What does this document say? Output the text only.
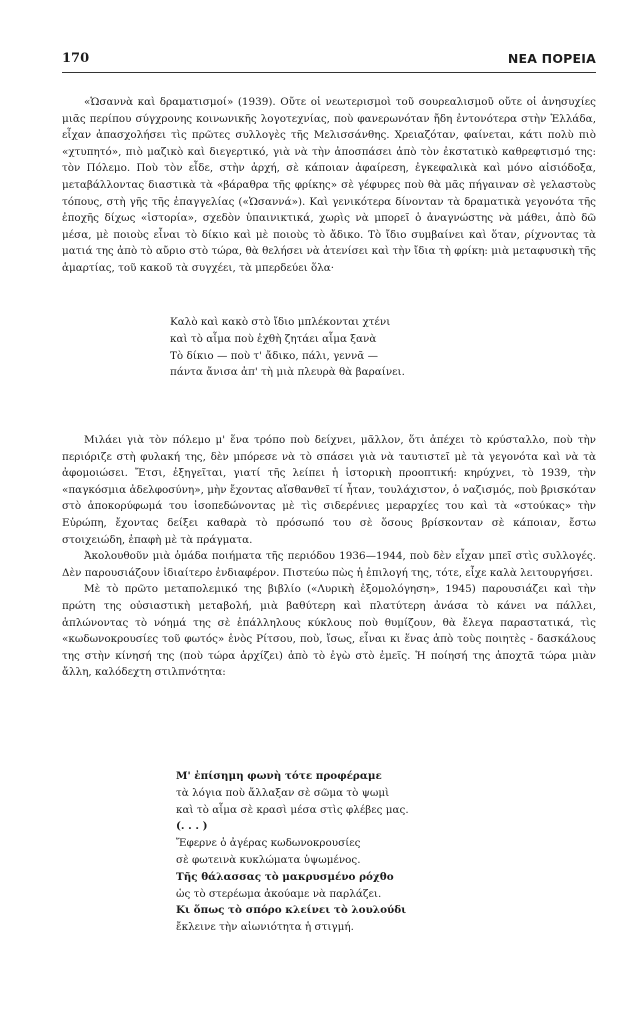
170	ΝΕΑ ΠΟΡΕΙΑ

«Ὡσαννὰ καὶ δραματισμοί» (1939). Οὔτε οἱ νεωτερισμοὶ τοῦ σουρεαλισμοῦ οὔτε οἱ ἀνησυχίες μιᾶς περίπου σύγχρονης κοινωνικῆς λογοτεχνίας, ποὺ φανερωνόταν ἤδη ἐντονότερα στὴν Ἑλλάδα, εἶχαν ἀπασχολήσει τὶς πρῶτες συλλογὲς τῆς Μελισσάνθης. Χρειαζόταν, φαίνεται, κάτι πολὺ πιὸ «χτυπητό», πιὸ μαζικὸ καὶ διεγερτικό, γιὰ νὰ τὴν ἀποσπάσει ἀπὸ τὸν ἐκστατικὸ καθρεφτισμό της: τὸν Πόλεμο. Ποὺ τὸν εἶδε, στὴν ἀρχή, σὲ κάποιαν ἀφαίρεση, ἐγκεφαλικὰ καὶ μόνο αἰσιόδοξα, μεταβάλλοντας διαστικὰ τὰ «βάραθρα τῆς φρίκης» σὲ γέφυρες ποὺ θὰ μᾶς πήγαιναν σὲ γελαστοὺς τόπους, στὴ γῆς τῆς ἐπαγγελίας («Ὡσαννά»). Καὶ γενικότερα δίνονταν τὰ δραματικὰ γεγονότα τῆς ἐποχῆς δίχως «ἱστορία», σχεδὸν ὑπαινικτικά, χωρὶς νὰ μπορεῖ ὁ ἀναγνώστης νὰ μάθει, ἀπὸ δῶ μέσα, μὲ ποιοὺς εἶναι τὸ δίκιο καὶ μὲ ποιοὺς τὸ ἄδικο. Τὸ ἴδιο συμβαίνει καὶ ὅταν, ρίχνοντας τὰ ματιά της ἀπὸ τὸ αὔριο στὸ τώρα, θὰ θελήσει νὰ ἀτενίσει καὶ τὴν ἴδια τὴ φρίκη: μιὰ μεταφυσικὴ τῆς ἁμαρτίας, τοῦ κακοῦ τὰ συγχέει, τὰ μπερδεύει ὅλα·

Καλὸ καὶ κακὸ στὸ ἴδιο μπλέκονται χτένι
καὶ τὸ αἷμα ποὺ ἐχθὴ ζητάει αἷμα ξανὰ
Τὸ δίκιο — ποὺ τ' ἄδικο, πάλι, γεννᾶ —
πάντα ἄνισα ἀπ' τὴ μιὰ πλευρὰ θὰ βαραίνει.

Μιλάει γιὰ τὸν πόλεμο μ' ἕνα τρόπο ποὺ δείχνει, μᾶλλον, ὅτι ἀπέχει τὸ κρύσταλλο, ποὺ τὴν περιόριζε στὴ φυλακή της, δὲν μπόρεσε νὰ τὸ σπάσει γιὰ νὰ ταυτιστεῖ μὲ τὰ γεγονότα καὶ νὰ τὰ ἀφομοιώσει. Ἔτσι, ἐξηγεῖται, γιατί τῆς λείπει ἡ ἱστορικὴ προοπτική: κηρύχνει, τὸ 1939, τὴν «παγκόσμια ἀδελφοσύνη», μὴν ἔχοντας αἴσθανθεῖ τί ἦταν, τουλάχιστον, ὁ ναζισμός, ποὺ βρισκόταν στὸ ἀποκορύφωμά του ἰσοπεδώνοντας μὲ τὶς σιδερένιες μεραρχίες του καὶ τὰ «στούκας» τὴν Εὐρώπη, ἔχοντας δείξει καθαρὰ τὸ πρόσωπό του σὲ ὅσους βρίσκονταν σὲ κάποιαν, ἔστω στοιχειώδη, ἐπαφὴ μὲ τὰ πράγματα.

Ἀκολουθοῦν μιὰ ὁμάδα ποιήματα τῆς περιόδου 1936—1944, ποὺ δὲν εἶχαν μπεῖ στὶς συλλογές. Δὲν παρουσιάζουν ἰδιαίτερο ἐνδιαφέρον. Πιστεύω πὼς ἡ ἐπιλογή της, τότε, εἶχε καλὰ λειτουργήσει.

Μὲ τὸ πρῶτο μεταπολεμικό της βιβλίο («Λυρικὴ ἐξομολόγηση», 1945) παρουσιάζει καὶ τὴν πρώτη της οὐσιαστικὴ μεταβολή, μιὰ βαθύτερη καὶ πλατύτερη ἀνάσα τὸ κάνει να πάλλει, ἁπλώνοντας τὸ νόημά της σὲ ἐπάλληλους κύκλους ποὺ θυμίζουν, θὰ ἔλεγα παραστατικά, τὶς «κωδωνοκρουσίες τοῦ φωτός» ἑνὸς Ρίτσου, ποὺ, ἴσως, εἶναι κι ἕνας ἀπὸ τοὺς ποιητὲς - δασκάλους της στὴν κίνησή της (ποὺ τώρα ἀρχίζει) ἀπὸ τὸ ἐγὼ στὸ ἐμεῖς. Ἡ ποίησή της ἀποχτᾶ τώρα μιὰν ἄλλη, καλόδεχτη στιλπνότητα:

Μ' ἐπίσημη φωνὴ τότε προφέραμε
τὰ λόγια ποὺ ἄλλαξαν σὲ σῶμα τὸ ψωμὶ
καὶ τὸ αἷμα σὲ κρασὶ μέσα στὶς φλέβες μας.
(. . . )
Ἔφερνε ὁ ἀγέρας κωδωνοκρουσίες
σὲ φωτεινὰ κυκλώματα ὑψωμένος.
Τῆς θάλασσας τὸ μακρυσμένο ρόχθο
ὡς τὸ στερέωμα ἀκούαμε νὰ παρλάζει.
Κι ὅπως τὸ σπόρο κλείνει τὸ λουλούδι
ἔκλεινε τὴν αἰωνιότητα ἡ στιγμή.
